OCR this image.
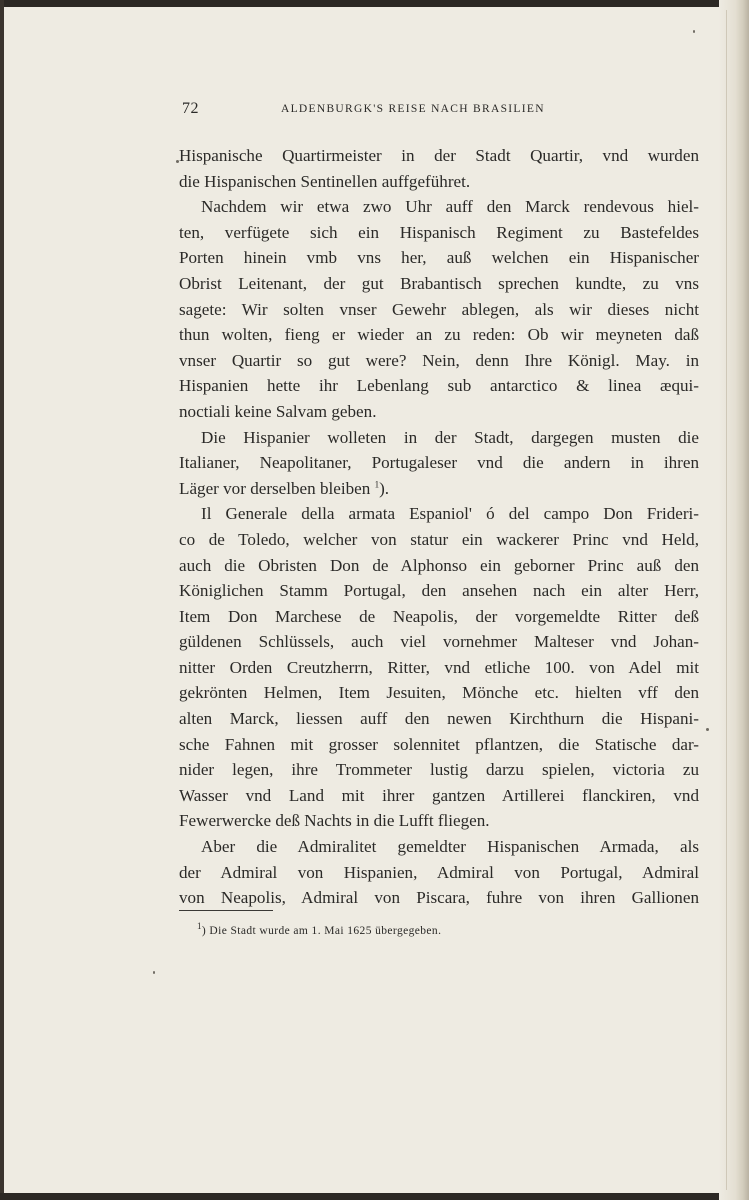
72	ALDENBURGK'S REISE NACH BRASILIEN
Hispanische Quartirmeister in der Stadt Quartir, vnd wurden
die Hispanischen Sentinellen auffgeführet.
Nachdem wir etwa zwo Uhr auff den Marck rendevous hiel-
ten, verfügete sich ein Hispanisch Regiment zu Bastefeldes
Porten hinein vmb vns her, auß welchen ein Hispanischer
Obrist Leitenant, der gut Brabantisch sprechen kundte, zu vns
sagete: Wir solten vnser Gewehr ablegen, als wir dieses nicht
thun wolten, fieng er wieder an zu reden: Ob wir meyneten daß
vnser Quartir so gut were? Nein, denn Ihre Königl. May. in
Hispanien hette ihr Lebenlang sub antarctico & linea æqui-
noctiali keine Salvam geben.
Die Hispanier wolleten in der Stadt, dargegen musten die
Italianer, Neapolitaner, Portugaleser vnd die andern in ihren
Läger vor derselben bleiben $^1$).
Il Generale della armata Espaniol' ó del campo Don Frideri-
co de Toledo, welcher von statur ein wackerer Princ vnd Held,
auch die Obristen Don de Alphonso ein geborner Princ auß den
Königlichen Stamm Portugal, den ansehen nach ein alter Herr,
Item Don Marchese de Neapolis, der vorgemeldte Ritter deß
güldenen Schlüssels, auch viel vornehmer Malteser vnd Johan-
nitter Orden Creutzherrn, Ritter, vnd etliche 100. von Adel mit
gekrönten Helmen, Item Jesuiten, Mönche etc. hielten vff den
alten Marck, liessen auff den newen Kirchthurn die Hispani-
sche Fahnen mit grosser solennitet pflantzen, die Statische dar-
nider legen, ihre Trommeter lustig darzu spielen, victoria zu
Wasser vnd Land mit ihrer gantzen Artillerei flanckiren, vnd
Fewerwercke deß Nachts in die Lufft fliegen.
Aber die Admiralitet gemeldter Hispanischen Armada, als
der Admiral von Hispanien, Admiral von Portugal, Admiral
von Neapolis, Admiral von Piscara, fuhre von ihren Gallionen
$^1$) Die Stadt wurde am 1. Mai 1625 übergegeben.
